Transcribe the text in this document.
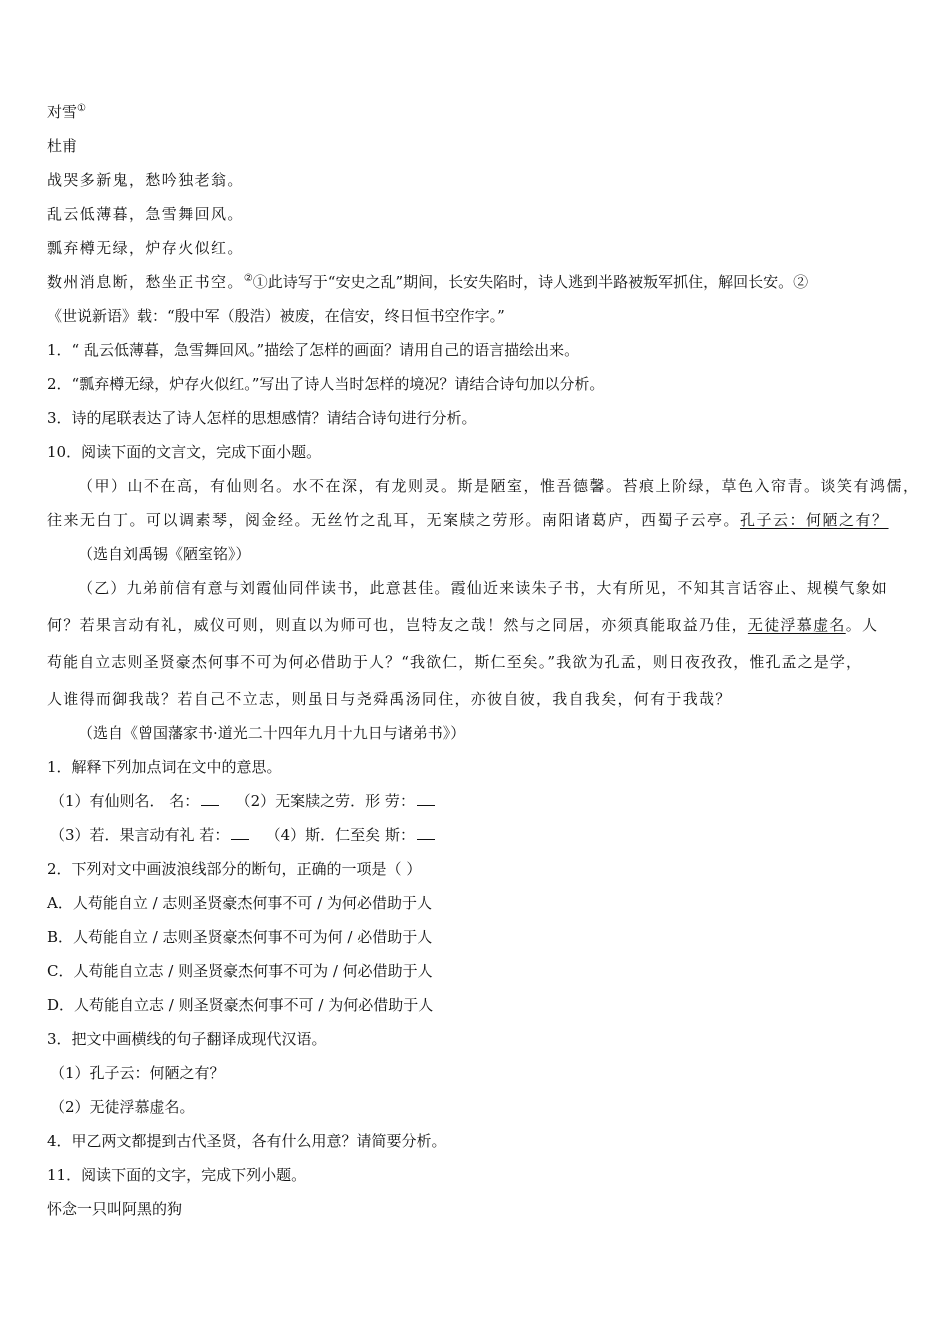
对雪①
杜甫
战哭多新鬼，愁吟独老翁。
乱云低薄暮，急雪舞回风。
瓢弃樽无绿，炉存火似红。
数州消息断，愁坐正书空。②①此诗写于“安史之乱”期间，长安失陷时，诗人逃到半路被叛军抓住，解回长安。②
《世说新语》载：“殷中军（殷浩）被废，在信安，终日恒书空作字。”
1．“ 乱云低薄暮，急雪舞回风。”描绘了怎样的画面？请用自己的语言描绘出来。
2．“瓢弃樽无绿，炉存火似红。”写出了诗人当时怎样的境况？请结合诗句加以分析。
3．诗的尾联表达了诗人怎样的思想感情？请结合诗句进行分析。
10．阅读下面的文言文，完成下面小题。
（甲）山不在高，有仙则名。水不在深，有龙则灵。斯是陋室，惟吾德馨。苔痕上阶绿，草色入帘青。谈笑有鸿儒，
往来无白丁。可以调素琴，阅金经。无丝竹之乱耳，无案牍之劳形。南阳诸葛庐，西蜀子云亭。孔子云：何陋之有？
（选自刘禹锡《陋室铭》）
（乙）九弟前信有意与刘霞仙同伴读书，此意甚佳。霞仙近来读朱子书，大有所见，不知其言话容止、规模气象如
何？若果言动有礼，威仪可则，则直以为师可也，岂特友之哉！然与之同居，亦须真能取益乃佳，无徒浮慕虚名。人
苟能自立志则圣贤豪杰何事不可为何必借助于人？“我欲仁，斯仁至矣。”我欲为孔孟，则日夜孜孜，惟孔孟之是学，
人谁得而御我哉？若自己不立志，则虽日与尧舜禹汤同住，亦彼自彼，我自我矣，何有于我哉？
（选自《曾国藩家书·道光二十四年九月十九日与诸弟书》）
1．解释下列加点词在文中的意思。
（1）有仙则名． 名： （2）无案牍之劳．形 劳：
（3）若．果言动有礼 若： （4）斯．仁至矣 斯：
2．下列对文中画波浪线部分的断句，正确的一项是（ ）
A．人苟能自立 / 志则圣贤豪杰何事不可 / 为何必借助于人
B．人苟能自立 / 志则圣贤豪杰何事不可为何 / 必借助于人
C．人苟能自立志 / 则圣贤豪杰何事不可为 / 何必借助于人
D．人苟能自立志 / 则圣贤豪杰何事不可 / 为何必借助于人
3．把文中画横线的句子翻译成现代汉语。
（1）孔子云：何陋之有？
（2）无徒浮慕虚名。
4．甲乙两文都提到古代圣贤，各有什么用意？请简要分析。
11．阅读下面的文字，完成下列小题。
怀念一只叫阿黑的狗
